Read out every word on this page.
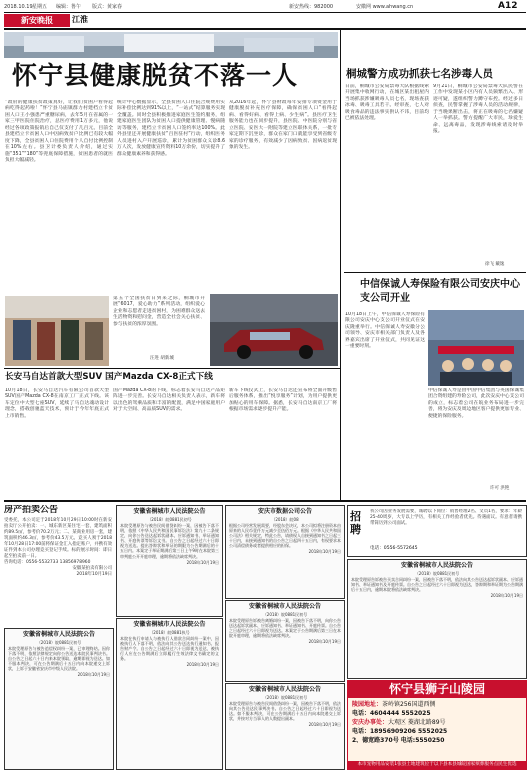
2018.10.19 星期五 编辑：鲁午 版式：黄家春	新安热线：982000	安徽网 www.ahwang.cn	A12
新安晚报	江淮
怀宁县健康脱贫不落一人
“政府的健康扶贫政策真好，让我们贫困户看得起病吃得起药啦！”怀宁县马庙镇群力村建档立卡贫困人口王小强患严重糖尿病，去年5月在省属的一家三甲医院住院治疗，总医疗费用1万多元，他说经过各项政策报销后自己仅支付了几百元。目前全县建档立卡贫困人口中因病致贫户比例已有较大幅度下降，全县贫困人口住院费用个人自付比例控制在10%左右。县卫计委负责人介绍，通过实施“351”“180”等兜底保障措施，贫困患者的就医负担大幅减轻。
统计中心数据显示，全县贫困人口住院合规费用实际补偿比例达到91%以上，“一站式”结算服务实现全覆盖。同时全县积极推进家庭医生签约服务，组建家庭医生团队为贫困人口提供健康管理、慢病随访等服务，建档立卡贫困人口签约率达100%。此外县里还开展健康扶贫“百医驻村”行动，组织医务人员进村入户开展巡诊，累计为贫困群众义诊8.6万人次，发放健康宣传资料10万余份，切实提升了群众健康素养和获得感。
从2016年起，怀宁县财政每年安排专项资金用于健康脱贫补充医疗保障，确保贫困人口“看得起病、看得好病、看得上病、少生病”。县医疗卫生服务能力也在同步提升，县医院、中医院分别与省立医院、安医大一附院等建立医联体关系，一批专家定期下沉坐诊，群众在家门口就能享受到省级专家的诊疗服务，有效减少了因病致贫、因病返贫现象的发生。
桐城警方成功抓获七名涉毒人员
日前，桐城市公安局禁毒大队根据线索开展集中收网行动，在城区某出租屋内当场抓获涉嫌吸毒人员七名，现场查获冰毒、吸毒工具若干。经审查，七人对吸食毒品的违法事实供认不讳，目前均已被依法处理。
9月21日，桐城市公安局禁毒大队民警在工作中发现某小区内有人员频繁出入、形迹可疑，遂组织警力蹲守布控。经过多日侦查，民警掌握了涉毒人员的活动规律，于当晚果断出击，将正在吸毒的七名嫌疑人一举抓获。警方提醒广大市民，珍爱生命、远离毒品，发现涉毒线索请及时举报。
徐飞 戴逸
中信保诚人寿保险有限公司安庆中心支公司开业
10月18日上午，中信保诚人寿保险有限公司安庆中心支公司开业仪式在安庆隆重举行。中信保诚人寿安徽分公司领导、安庆市相关部门负责人及各界嘉宾出席了开业仪式，共同见证这一重要时刻。
中信保诚人寿是由中国中信集团与英国保诚集团合资组建的寿险公司，此次安庆中心支公司的成立，标志着公司在皖业务布局进一步完善，将为安庆及周边地区客户提供更加专业、便捷的保险服务。
许可 洪艳
第五个全国扶贫日到来之际，桐城市开展“6017，爱心助力”系列活动，组织爱心企业和志愿者走进贫困村，为困难群众送去生活物资和慰问金，营造全社会关心扶贫、参与扶贫的浓厚氛围。
汪进 胡新城
长安马自达首款大型SUV 国产Mazda CX-8正式下线
10月18日，长安马自达汽车有限公司首款大型SUV国产Mazda CX-8在南京工厂正式下线。该车定位中大型七座SUV，延续了马自达魂动设计理念，搭载创驰蓝天技术，预计于今年年底正式上市销售。
国产Mazda CX-8的下线，标志着长安马自达产品矩阵进一步完善。长安马自达相关负责人表示，新车将以出色的驾乘品质和丰富的配置，满足中国家庭用户对于大空间、高品质SUV的需求。
新车下线仪式上，长安马自达还宣布将全面升级售后服务体系，推出“悦享服务”计划，为用户提供更加贴心的用车保障。据悉，长安马自达南京工厂将根据市场需求逐步提升产能。
房产拍卖公告
受委托，本公司定于2018年10月29日10:00时在新安拍卖厅公开拍卖：一、城东新区某住宅一套，建筑面积约89.5㎡，参考价70.2万元；二、某商业用房一套，建筑面积约46.3㎡，参考价43.5万元。竞买人须于2018年10月28日17:00前将保证金汇入指定账户，并携有效证件到本公司办理竞买登记手续。标的展示时间：即日起至拍卖前一日。
咨询电话：0556-5532733 13856978960
安徽某拍卖有限公司
2018年10月19日
安徽省桐城市人民法院公告
（2018）皖0881民初号
本院受理原告与被告民间借贷纠纷一案，因被告下落不明，依照《中华人民共和国民事诉讼法》第九十二条规定，向你公告送达起诉状副本、应诉通知书、举证通知书、开庭传票等诉讼文书。自公告之日起经过六十日即视为送达。提出答辩状和举证的期限为公告期满后的十五日内。本案定于举证期满后第三日上午9时在本院第三审判庭公开开庭审理，逾期将依法缺席判决。
2018年10月19日
安庆市数据公司公告
（2018）皖08
根据公司经营发展需要，经股东会决议，本公司拟将注册资本由原来的人民币壹仟万元减少至伍佰万元。根据《中华人民共和国公司法》相关规定，特此公告，请债权人自接到通知书之日起三十日内，未接到通知书的自公告之日起四十五日内，有权要求本公司清偿债务或者提供相应的担保。
2018年10月19日
招聘
我公司因业务发展需要，诚聘以下岗位：销售经理2名、文员1名，要求：年龄25-40周岁，大专以上学历，有相关工作经验者优先。待遇面议。有意者请携带简历到公司面试。
电话：0556-5572645
安徽省桐城市人民法院公告
（2018）皖0881民初号
本院受理原告诉被告买卖合同纠纷一案，因被告下落不明，依法向其公告送达起诉状副本、应诉通知书、举证通知书及开庭传票。自公告之日起经过六十日即视为送达，答辩期和举证期为公告期满后十五日内，逾期本院将依法缺席判决。
2018年10月19日
安徽省桐城市人民法院公告
（2018）皖0881民初号
本院受理原告与被告追偿权纠纷一案，已审理终结。因你下落不明，依照法律规定向你公告送达本院民事判决书。自公告之日起六十日内来本院领取，逾期即视为送达。如不服本判决，可在公告期满后十五日内向本院递交上诉状，上诉于安徽省安庆市中级人民法院。
2018年10月19日
安徽省桐城市人民法院公告
（2018）皖0881执号
本院在执行申请人与被执行人借款合同纠纷一案中，因被执行人下落不明，依法向其公告送达执行通知书、报告财产令。自公告之日起经过六十日即视为送达，被执行人应在公告期满后立即履行生效法律文书确定的义务。
2018年10月19日
安徽省桐城市人民法院公告
（2018）皖0881民初号
本院受理原告诉被告离婚纠纷一案，因被告下落不明，向你公告送达起诉状副本、应诉通知书、举证通知书、开庭传票。自公告之日起经过六十日即视为送达。本案定于公告期满后第三日在本院开庭审理，逾期将依法缺席判决。
2018年10月19日
安徽省桐城市人民法院公告
（2018）皖0881民初号
本院受理原告与被告民间借贷纠纷一案，因被告下落不明，依法向其公告送达民事判决书。自公告之日起经过六十日即视为送达。如不服本判决，可在公告期满后十五日内向本院递交上诉状，并按对方当事人的人数提出副本。
2018年10月19日
怀宁县狮子山陵园
陵园地址：茶岭镇256国道西侧
电话：4604444 5552025
安庆办事处：大观区 菱湖北路89号
电话：18956909206 5552025
2、德宽路370号 电话:5550250
本市宠物用品安装1张县土地建筑位于以下县本县城皖国家殡葬服务点民生优选
